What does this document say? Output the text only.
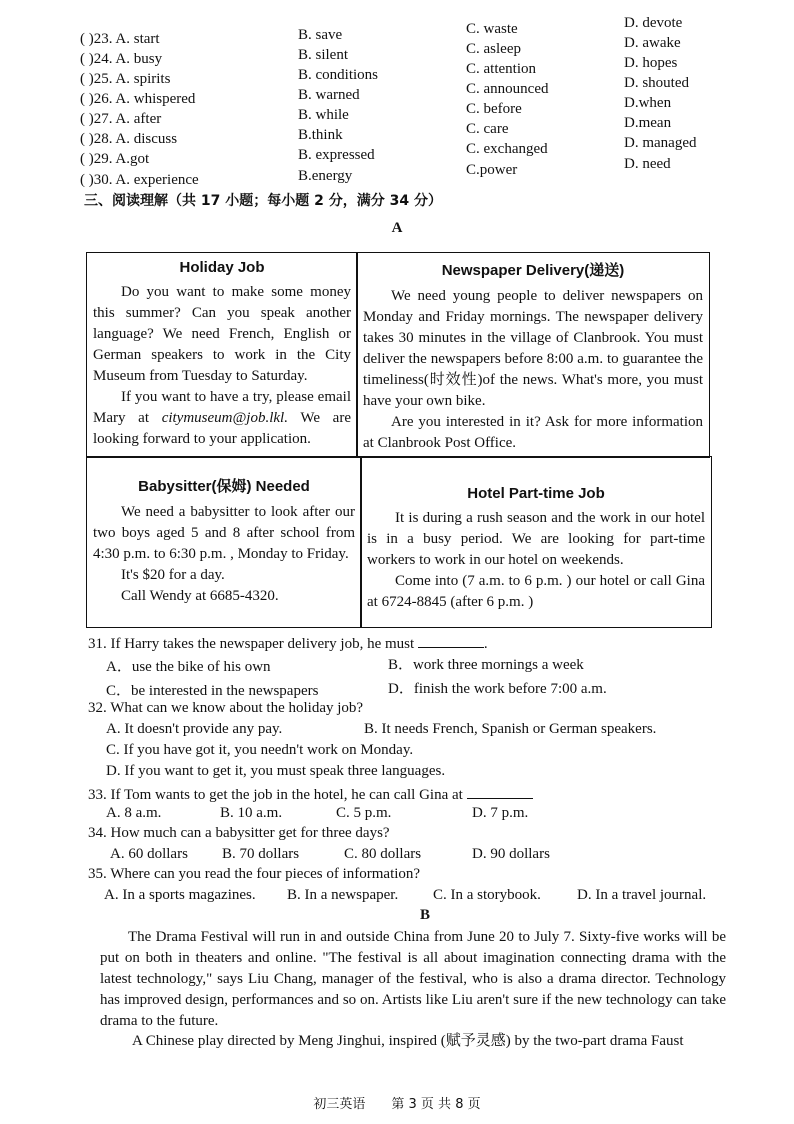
( )23. A. start	B. save	C. waste	D. devote
( )24. A. busy	B. silent	C. asleep	D. awake
( )25. A. spirits	B. conditions	C. attention	D. hopes
( )26. A. whispered	B. warned	C. announced	D. shouted
( )27. A. after	B. while	C. before	D.when
( )28. A. discuss	B.think	C. care	D.mean
( )29. A.got	B. expressed	C. exchanged	D. managed
( )30. A. experience	B.energy	C.power	D. need
三、阅读理解（共 17 小题；每小题 2 分，满分 34 分）
A
Holiday Job

Do you want to make some money this summer? Can you speak another language? We need French, English or German speakers to work in the City Museum from Tuesday to Saturday.

If you want to have a try, please email Mary at citymuseum@job.lkl. We are looking forward to your application.

Newspaper Delivery(递送)

We need young people to deliver newspapers on Monday and Friday mornings. The newspaper delivery takes 30 minutes in the village of Clanbrook. You must deliver the newspapers before 8:00 a.m. to guarantee the timeliness(时效性)of the news. What's more, you must have your own bike.

Are you interested in it? Ask for more information at Clanbrook Post Office.

Babysitter(保姆) Needed

We need a babysitter to look after our two boys aged 5 and 8 after school from 4:30 p.m. to 6:30 p.m. , Monday to Friday.

It's $20 for a day.

Call Wendy at 6685-4320.

Hotel Part-time Job

It is during a rush season and the work in our hotel is in a busy period. We are looking for part-time workers to work in our hotel on weekends.

Come into (7 a.m. to 6 p.m. ) our hotel or call Gina at 6724-8845 (after 6 p.m. )

31. If Harry takes the newspaper delivery job, he must	.
A．use the bike of his own	B．work three mornings a week
C．be interested in the newspapers	D．finish the work before 7:00 a.m.
32. What can we know about the holiday job?
A. It doesn't provide any pay.	B. It needs French, Spanish or German speakers.
C. If you have got it, you needn't work on Monday.
D. If you want to get it, you must speak three languages.
33. If Tom wants to get the job in the hotel, he can call Gina at
A. 8 a.m.	B. 10 a.m.	C. 5 p.m.	D. 7 p.m.
34. How much can a babysitter get for three days?
A. 60 dollars B. 70 dollars	C. 80 dollars	D. 90 dollars
35. Where can you read the four pieces of information?
A. In a sports magazines. B. In a newspaper. C. In a storybook. D. In a travel journal.
B
The Drama Festival will run in and outside China from June 20 to July 7. Sixty-five works will be put on both in theaters and online. "The festival is all about imagination connecting drama with the latest technology," says Liu Chang, manager of the festival, who is also a drama director. Technology has improved design, performances and so on. Artists like Liu aren't sure if the new technology can take drama to the future.
A Chinese play directed by Meng Jinghui, inspired (赋予灵感) by the two-part drama Faust
初三英语　　第 3 页 共 8 页
